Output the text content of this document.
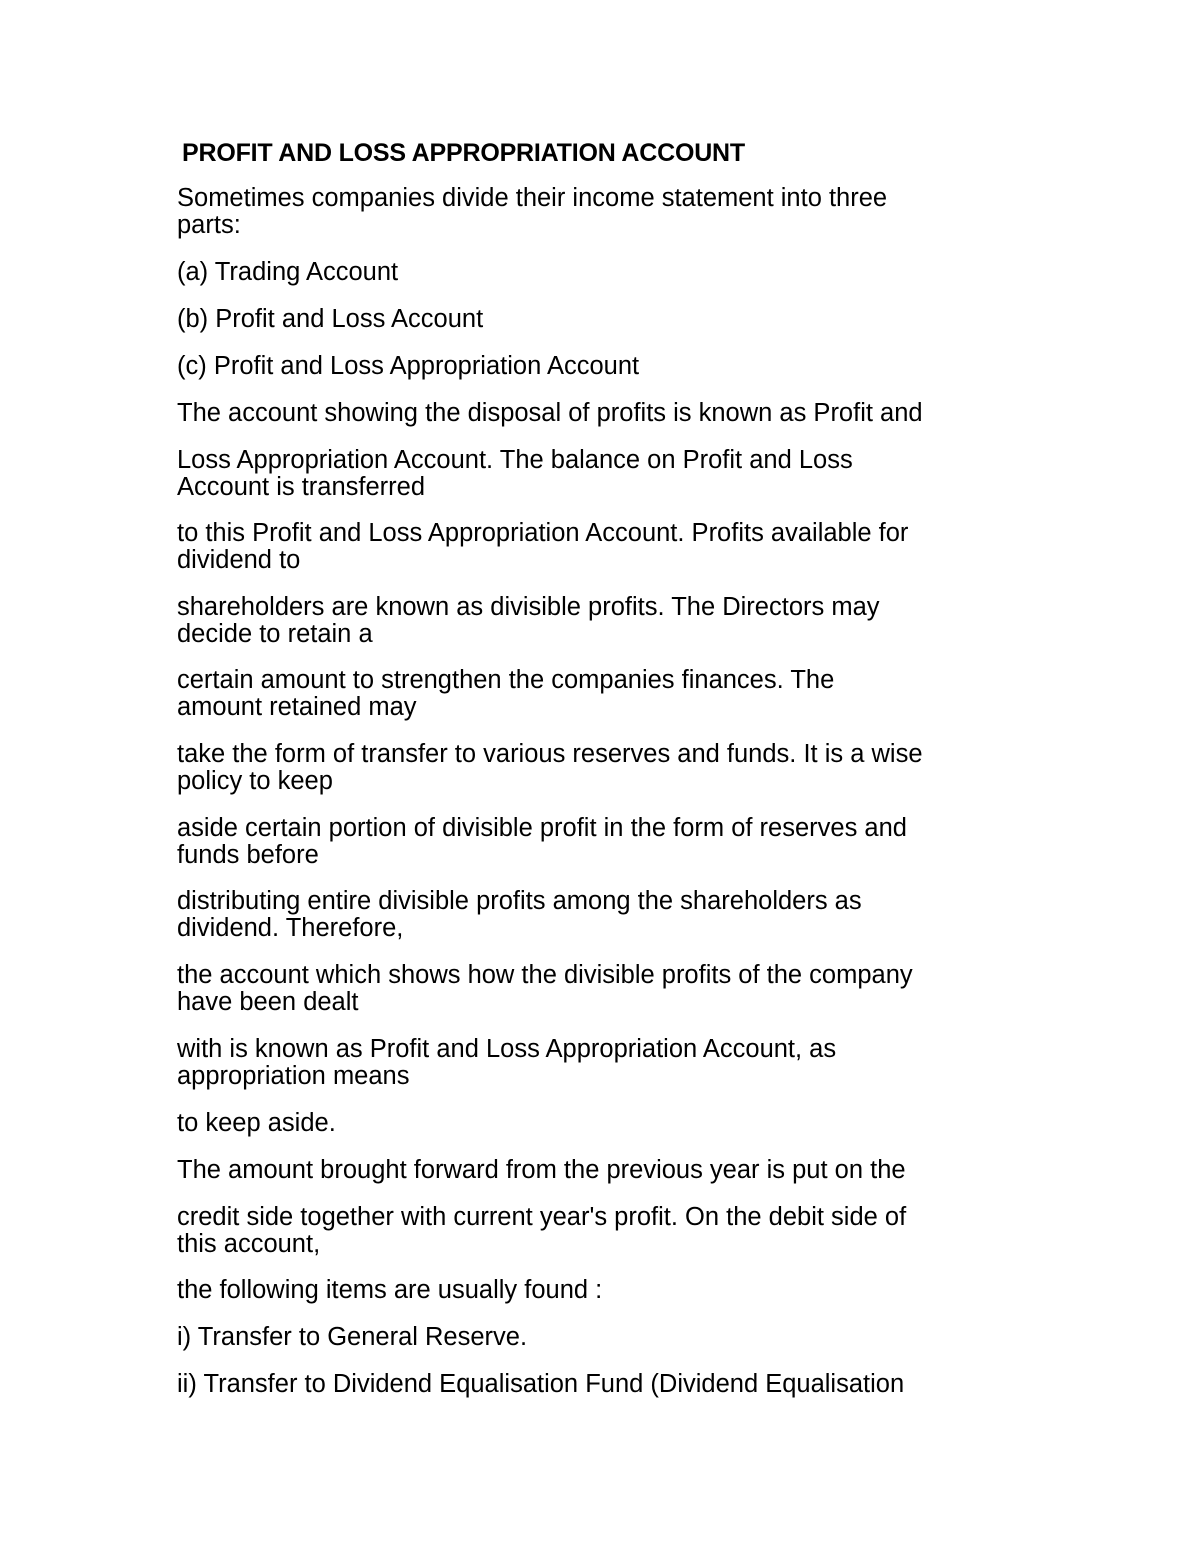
PROFIT AND LOSS APPROPRIATION ACCOUNT
Sometimes companies divide their income statement into three
parts:
(a) Trading Account
(b) Profit and Loss Account
(c) Profit and Loss Appropriation Account
The account showing the disposal of profits is known as Profit and
Loss Appropriation Account. The balance on Profit and Loss
Account is transferred
to this Profit and Loss Appropriation Account. Profits available for
dividend to
shareholders are known as divisible profits. The Directors may
decide to retain a
certain amount to strengthen the companies finances. The
amount retained may
take the form of transfer to various reserves and funds. It is a wise
policy to keep
aside certain portion of divisible profit in the form of reserves and
funds before
distributing entire divisible profits among the shareholders as
dividend. Therefore,
the account which shows how the divisible profits of the company
have been dealt
with is known as Profit and Loss Appropriation Account, as
appropriation means
to keep aside.
The amount brought forward from the previous year is put on the
credit side together with current year's profit. On the debit side of
this account,
the following items are usually found :
i) Transfer to General Reserve.
ii) Transfer to Dividend Equalisation Fund (Dividend Equalisation
